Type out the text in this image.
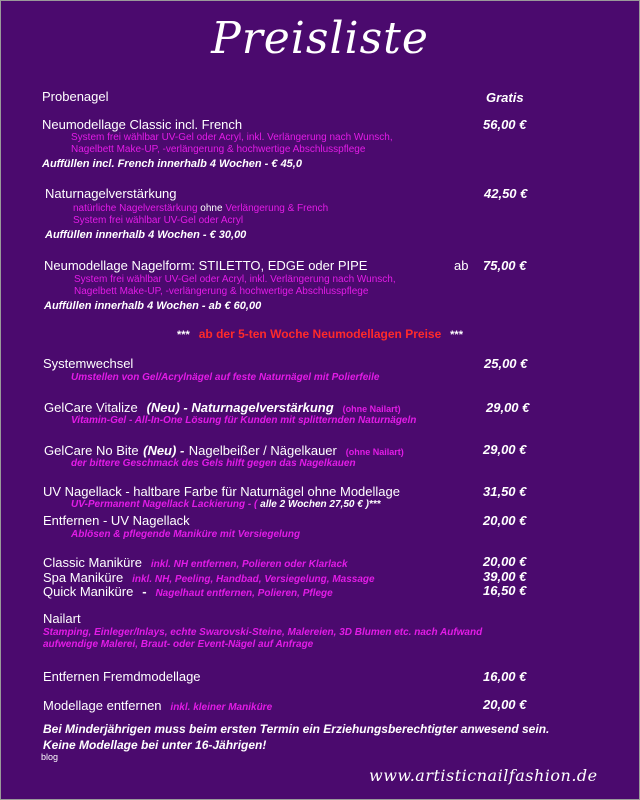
Preisliste
Probenagel	Gratis
Neumodellage Classic incl. French	56,00 €
System frei wählbar UV-Gel oder Acryl, inkl. Verlängerung nach Wunsch,
Nagelbett Make-UP, -verlängerung & hochwertige Abschlusspflege
Auffüllen incl. French innerhalb 4 Wochen - € 45,0
Naturnagelverstärkung	42,50 €
natürliche Nagelverstärkung ohne Verlängerung & French
System frei wählbar UV-Gel oder Acryl
Auffüllen innerhalb 4 Wochen - € 30,00
Neumodellage Nagelform: STILETTO, EDGE oder PIPE	ab 75,00 €
System frei wählbar UV-Gel oder Acryl, inkl. Verlängerung nach Wunsch,
Nagelbett Make-UP, -verlängerung & hochwertige Abschlusspflege
Auffüllen innerhalb 4 Wochen - ab € 60,00
*** ab der 5-ten Woche Neumodellagen Preise ***
Systemwechsel	25,00 €
Umstellen von Gel/Acrylnägel auf feste Naturnägel mit Polierfeile
GelCare Vitalize (Neu) - Naturnagelverstärkung (ohne Nailart)	29,00 €
Vitamin-Gel - All-In-One Lösung für Kunden mit splitternden Naturnägeln
GelCare No Bite (Neu) - Nagelbeißer / Nägelkauer (ohne Nailart)	29,00 €
der bittere Geschmack des Gels hilft gegen das Nagelkauen
UV Nagellack - haltbare Farbe für Naturnägel ohne Modellage	31,50 €
UV-Permanent Nagellack Lackierung - ( alle 2 Wochen 27,50 € )***
Entfernen - UV Nagellack	20,00 €
Ablösen & pflegende Maniküre mit Versiegelung
Classic Maniküre inkl. NH entfernen, Polieren oder Klarlack	20,00 €
Spa Maniküre inkl. NH, Peeling, Handbad, Versiegelung, Massage	39,00 €
Quick Maniküre - Nagelhaut entfernen, Polieren, Pflege	16,50 €
Nailart
Stamping, Einleger/Inlays, echte Swarovski-Steine, Malereien, 3D Blumen etc. nach Aufwand
aufwendige Malerei, Braut- oder Event-Nägel auf Anfrage
Entfernen Fremdmodellage	16,00 €
Modellage entfernen inkl. kleiner Maniküre	20,00 €
Bei Minderjährigen muss beim ersten Termin ein Erziehungsberechtigter anwesend sein.
Keine Modellage bei unter 16-Jährigen!
blog
www.artisticnailfashion.de
